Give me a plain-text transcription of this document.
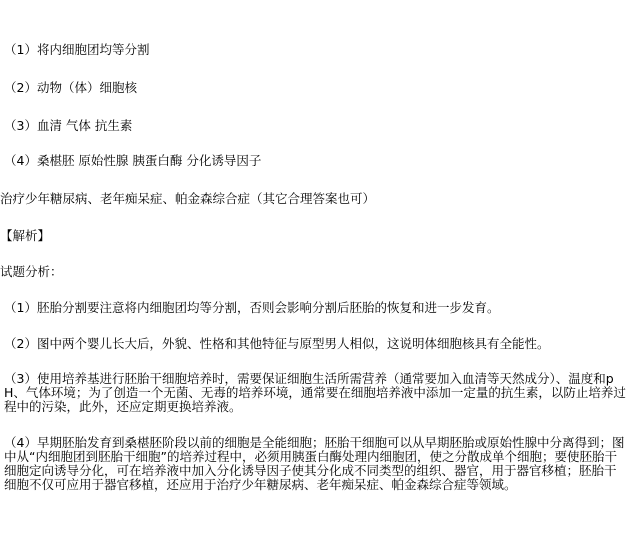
（1）将内细胞团均等分割
（2）动物（体）细胞核
（3）血清 气体 抗生素
（4）桑椹胚 原始性腺 胰蛋白酶 分化诱导因子
治疗少年糖尿病、老年痴呆症、帕金森综合症（其它合理答案也可）
【解析】
试题分析：
（1）胚胎分割要注意将内细胞团均等分割，否则会影响分割后胚胎的恢复和进一步发育。
（2）图中两个婴儿长大后，外貌、性格和其他特征与原型男人相似，这说明体细胞核具有全能性。
（3）使用培养基进行胚胎干细胞培养时，需要保证细胞生活所需营养（通常要加入血清等天然成分）、温度和pH、气体环境；为了创造一个无菌、无毒的培养环境，通常要在细胞培养液中添加一定量的抗生素，以防止培养过程中的污染，此外，还应定期更换培养液。
（4）早期胚胎发育到桑椹胚阶段以前的细胞是全能细胞；胚胎干细胞可以从早期胚胎或原始性腺中分离得到；图中从“内细胞团到胚胎干细胞”的培养过程中，必须用胰蛋白酶处理内细胞团，使之分散成单个细胞；要使胚胎干细胞定向诱导分化，可在培养液中加入分化诱导因子使其分化成不同类型的组织、器官，用于器官移植；胚胎干细胞不仅可应用于器官移植，还应用于治疗少年糖尿病、老年痴呆症、帕金森综合症等领域。
